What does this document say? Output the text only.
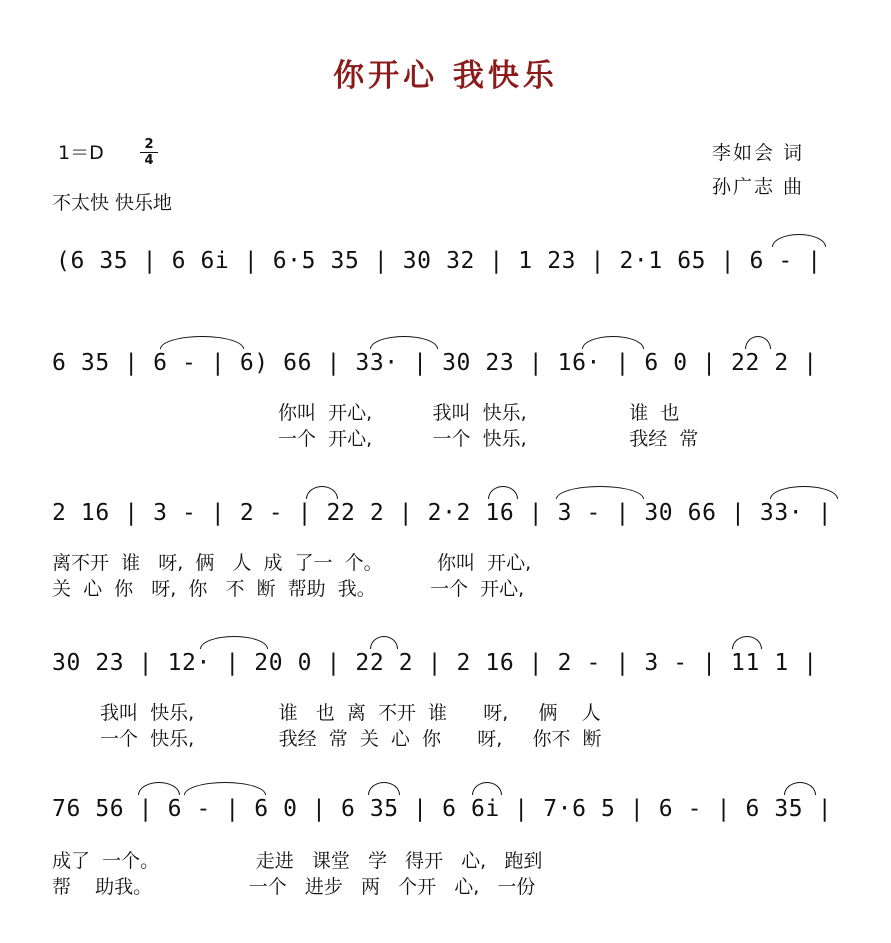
你开心 我快乐
1＝D	2
4
不太快 快乐地
李如会 词
孙广志 曲
(6 35 | 6 6i | 6·5 35 | 30 32 | 1 23 | 2·1 65 | 6 - |
6 35 | 6 - | 6) 66 | 33· | 30 23 | 16· | 6 0 | 22 2 |
你叫  开心,          我叫  快乐,                 谁  也
一个  开心,          一个  快乐,                 我经  常
2 16 | 3 - | 2 - | 22 2 | 2·2 16 | 3 - | 30 66 | 33· |
离不开  谁   呀,  俩   人  成  了一  个。         你叫  开心,
关  心  你   呀,  你   不  断  帮助  我。         一个  开心,
30 23 | 12· | 20 0 | 22 2 | 2 16 | 2 - | 3 - | 11 1 |
我叫  快乐,              谁   也  离  不开  谁      呀,     俩    人
一个  快乐,              我经  常  关  心  你      呀,     你不  断
76 56 | 6 - | 6 0 | 6 35 | 6 6i | 7·6 5 | 6 - | 6 35 |
成了  一个。                走进   课堂   学   得开   心,   跑到
帮    助我。                一个   进步   两   个开   心,   一份
